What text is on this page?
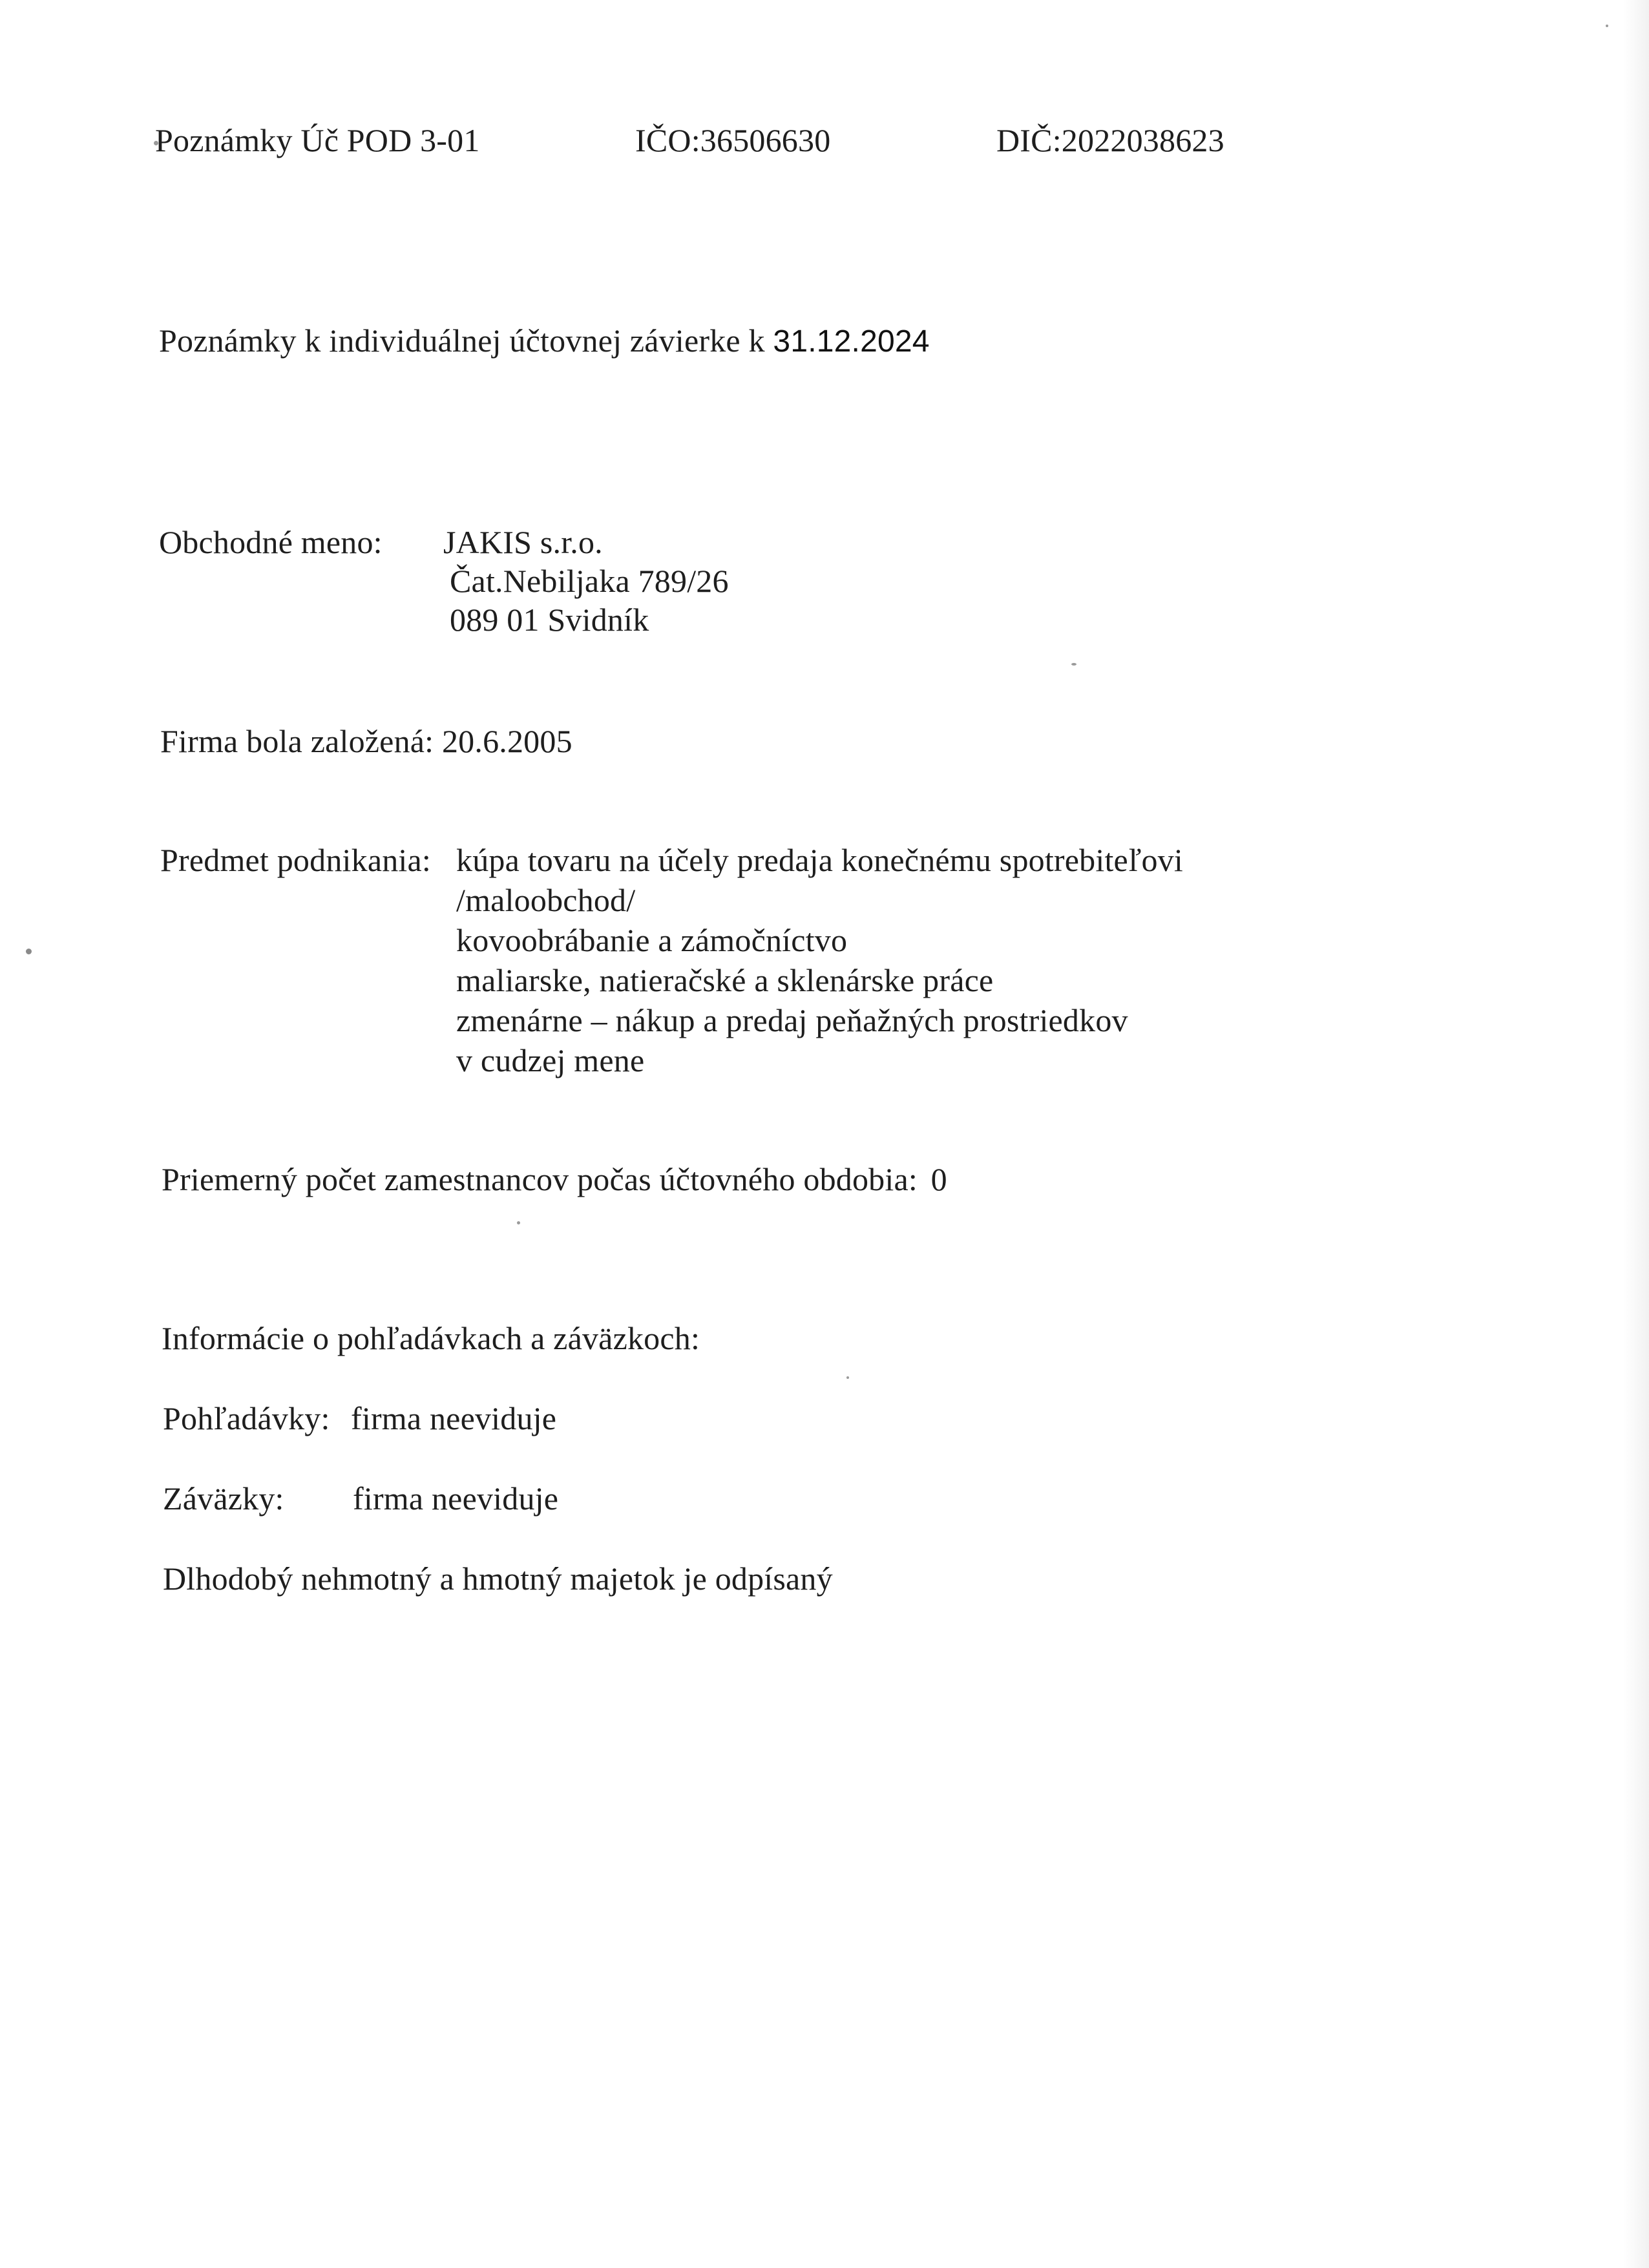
Poznámky Úč POD 3-01	IČO:36506630	DIČ:2022038623
Poznámky k individuálnej účtovnej závierke k 31.12.2024
Obchodné meno: JAKIS s.r.o.
Čat.Nebiljaka 789/26
089 01 Svidník
Firma bola založená: 20.6.2005
Predmet podnikania: kúpa tovaru na účely predaja konečnému spotrebiteľovi
/maloobchod/
kovoobrábanie a zámočníctvo
maliarske, natieračské a sklenárske práce
zmenárne – nákup a predaj peňažných prostriedkov
v cudzej mene
Priemerný počet zamestnancov počas účtovného obdobia: 0
Informácie o pohľadávkach a záväzkoch:
Pohľadávky: firma neeviduje
Záväzky: firma neeviduje
Dlhodobý nehmotný a hmotný majetok je odpísaný
